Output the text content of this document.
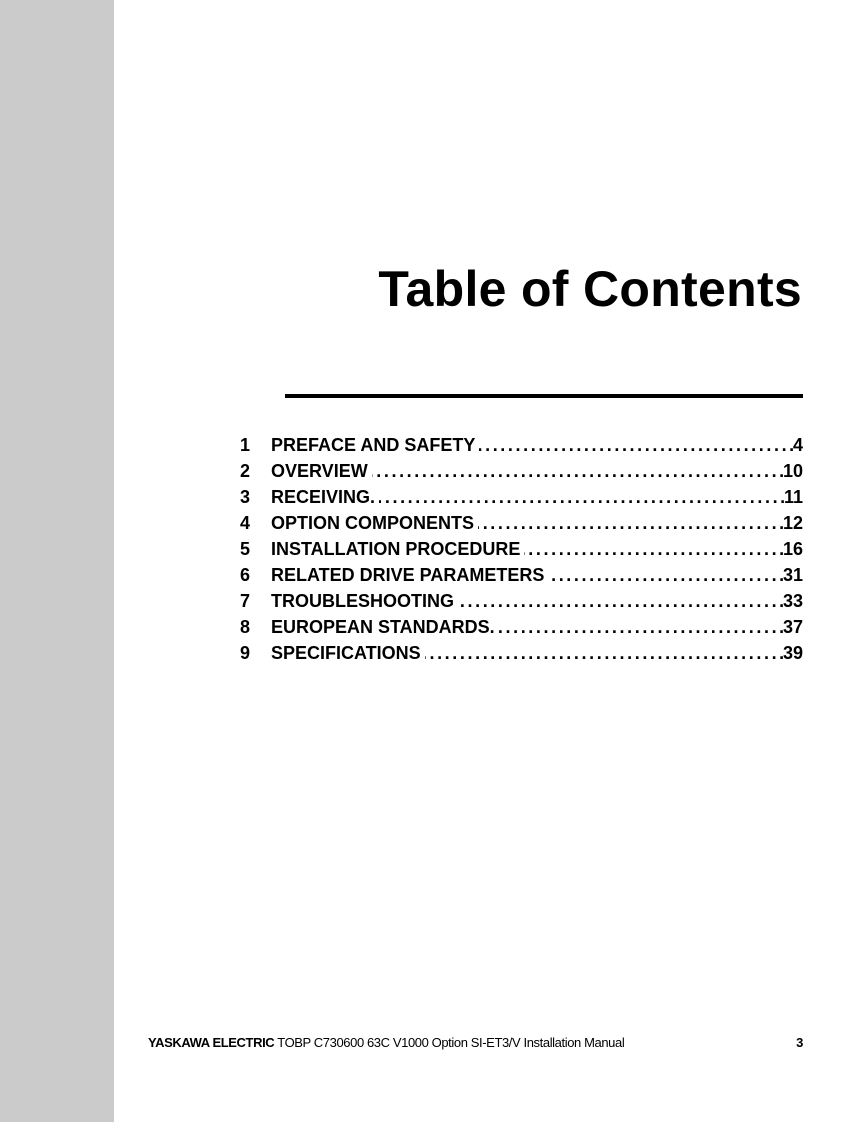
Table of Contents
1	PREFACE AND SAFETY . . .	4
2	OVERVIEW . . .	10
3	RECEIVING. . . .	11
4	OPTION COMPONENTS . . .	12
5	INSTALLATION PROCEDURE . . .	16
6	RELATED DRIVE PARAMETERS . . .	31
7	TROUBLESHOOTING . . .	33
8	EUROPEAN STANDARDS. . . .	37
9	SPECIFICATIONS . . .	39
YASKAWA ELECTRIC TOBP C730600 63C V1000 Option SI-ET3/V Installation Manual	3
